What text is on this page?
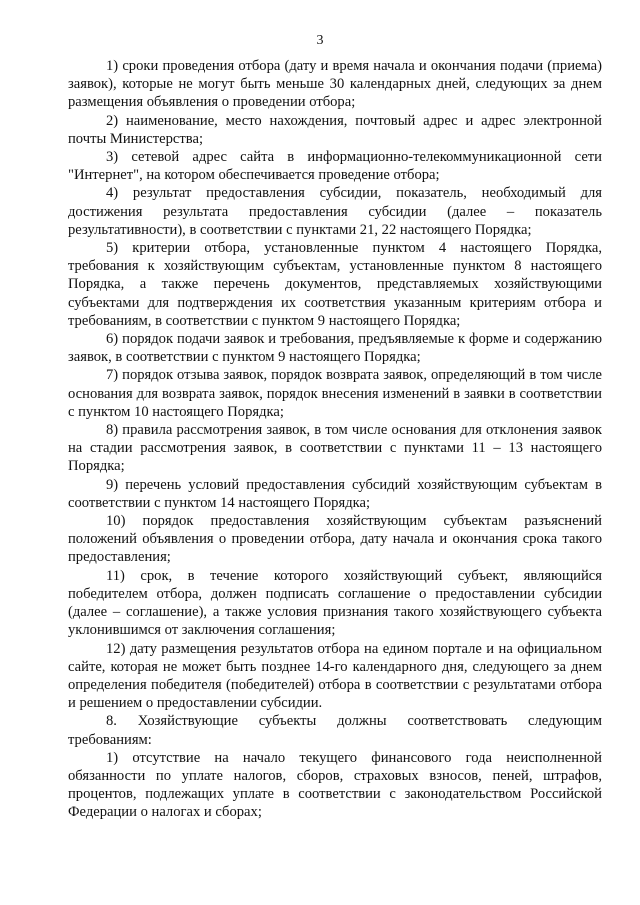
3

1) сроки проведения отбора (дату и время начала и окончания подачи (приема) заявок), которые не могут быть меньше 30 календарных дней, следующих за днем размещения объявления о проведении отбора;

2) наименование, место нахождения, почтовый адрес и адрес электронной почты Министерства;

3) сетевой адрес сайта в информационно-телекоммуникационной сети "Интернет", на котором обеспечивается проведение отбора;

4) результат предоставления субсидии, показатель, необходимый для достижения результата предоставления субсидии (далее – показатель результативности), в соответствии с пунктами 21, 22 настоящего Порядка;

5) критерии отбора, установленные пунктом 4 настоящего Порядка, требования к хозяйствующим субъектам, установленные пунктом 8 настоящего Порядка, а также перечень документов, представляемых хозяйствующими субъектами для подтверждения их соответствия указанным критериям отбора и требованиям, в соответствии с пунктом 9 настоящего Порядка;

6) порядок подачи заявок и требования, предъявляемые к форме и содержанию заявок, в соответствии с пунктом 9 настоящего Порядка;

7) порядок отзыва заявок, порядок возврата заявок, определяющий в том числе основания для возврата заявок, порядок внесения изменений в заявки в соответствии с пунктом 10 настоящего Порядка;

8) правила рассмотрения заявок, в том числе основания для отклонения заявок на стадии рассмотрения заявок, в соответствии с пунктами 11 – 13 настоящего Порядка;

9) перечень условий предоставления субсидий хозяйствующим субъектам в соответствии с пунктом 14 настоящего Порядка;

10) порядок предоставления хозяйствующим субъектам разъяснений положений объявления о проведении отбора, дату начала и окончания срока такого предоставления;

11) срок, в течение которого хозяйствующий субъект, являющийся победителем отбора, должен подписать соглашение о предоставлении субсидии (далее – соглашение), а также условия признания такого хозяйствующего субъекта уклонившимся от заключения соглашения;

12) дату размещения результатов отбора на едином портале и на официальном сайте, которая не может быть позднее 14-го календарного дня, следующего за днем определения победителя (победителей) отбора в соответствии с результатами отбора и решением о предоставлении субсидии.

8. Хозяйствующие субъекты должны соответствовать следующим требованиям:

1) отсутствие на начало текущего финансового года неисполненной обязанности по уплате налогов, сборов, страховых взносов, пеней, штрафов, процентов, подлежащих уплате в соответствии с законодательством Российской Федерации о налогах и сборах;
